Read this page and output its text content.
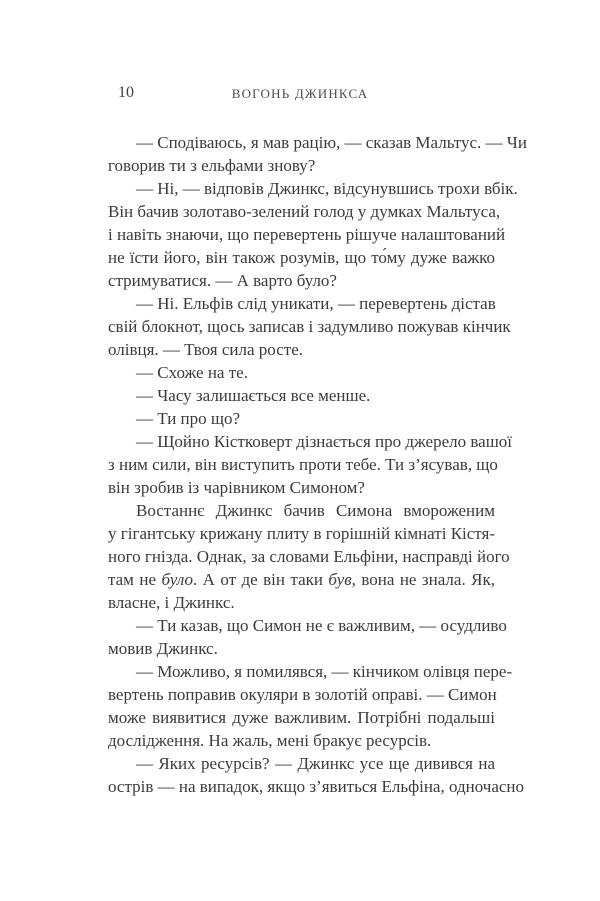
10	ВОГОНЬ ДЖИНКСА
— Сподіваюсь, я мав рацію, — сказав Мальтус. — Чи
говорив ти з ельфами знову?
— Ні, — відповів Джинкс, відсунувшись трохи вбік.
Він бачив золотаво-зелений голод у думках Мальтуса,
і навіть знаючи, що перевертень рішуче налаштований
не їсти його, він також розумів, що то́му дуже важко
стримуватися. — А варто було?
— Ні. Ельфів слід уникати, — перевертень дістав
свій блокнот, щось записав і задумливо пожував кінчик
олівця. — Твоя сила росте.
— Схоже на те.
— Часу залишається все менше.
— Ти про що?
— Щойно Кістковерт дізнається про джерело вашої
з ним сили, він виступить проти тебе. Ти з’ясував, що
він зробив із чарівником Симоном?
Востаннє Джинкс бачив Симона вмороженим
у гігантську крижану плиту в горішній кімнаті Кістя-
ного гнізда. Однак, за словами Ельфіни, насправді його
там не було. А от де він таки був, вона не знала. Як,
власне, і Джинкс.
— Ти казав, що Симон не є важливим, — осудливо
мовив Джинкс.
— Можливо, я помилявся, — кінчиком олівця пере-
вертень поправив окуляри в золотій оправі. — Симон
може виявитися дуже важливим. Потрібні подальші
дослідження. На жаль, мені бракує ресурсів.
— Яких ресурсів? — Джинкс усе ще дивився на
острів — на випадок, якщо з’явиться Ельфіна, одночасно
